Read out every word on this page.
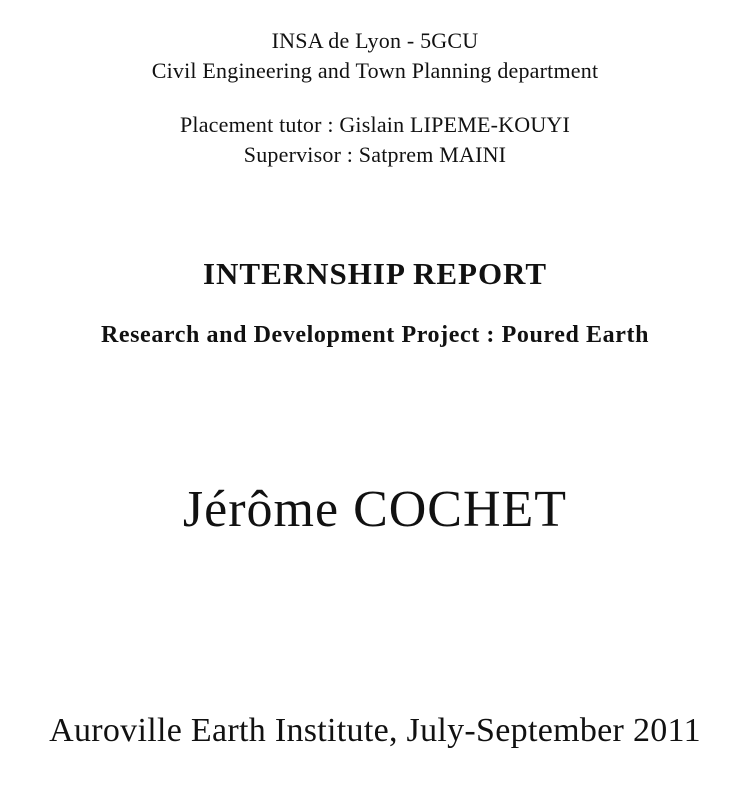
INSA de Lyon - 5GCU
Civil Engineering and Town Planning department
Placement tutor : Gislain LIPEME-KOUYI
Supervisor : Satprem MAINI
INTERNSHIP REPORT
Research and Development Project : Poured Earth
Jérôme COCHET
Auroville Earth Institute, July-September 2011
